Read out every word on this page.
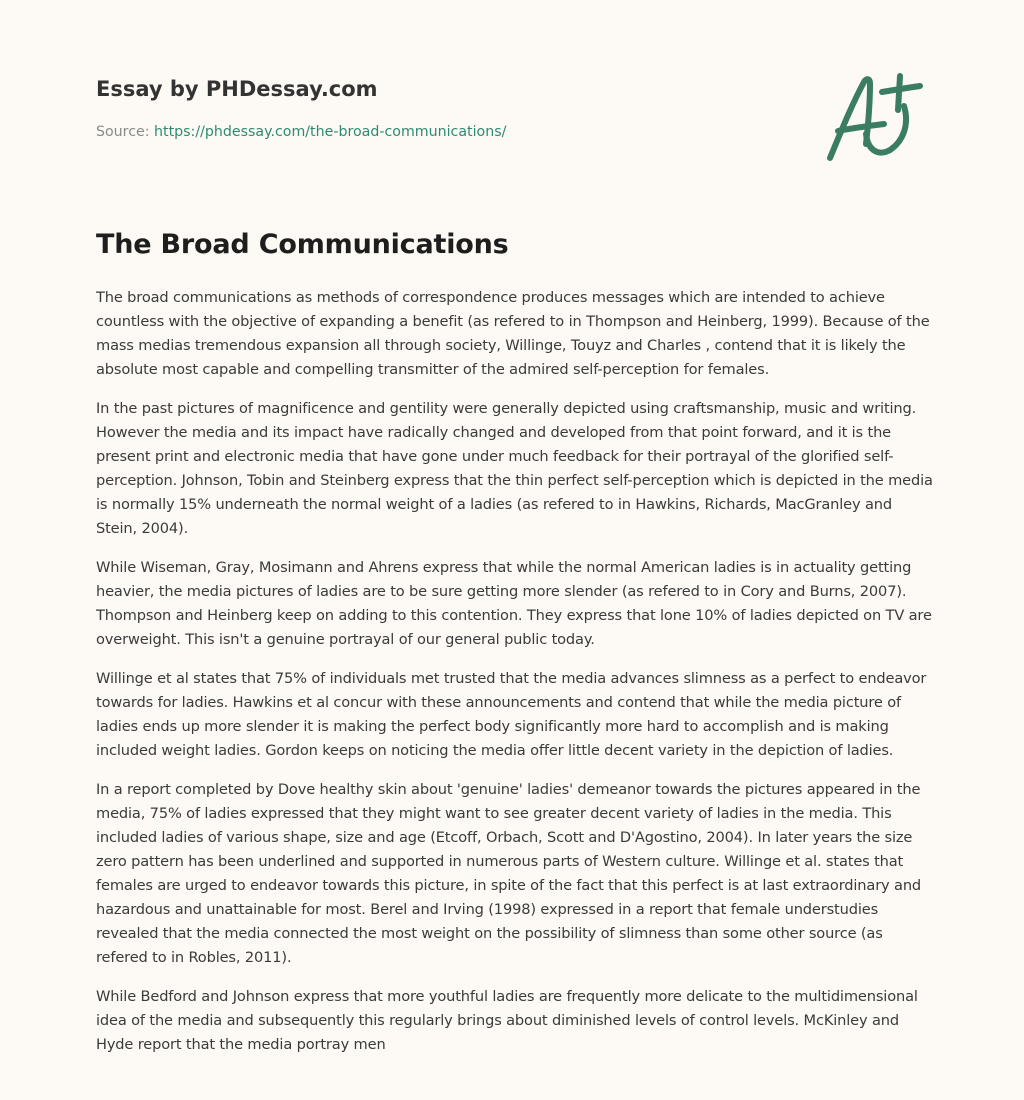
Essay by PHDessay.com
Source: https://phdessay.com/the-broad-communications/
The Broad Communications

The broad communications as methods of correspondence produces messages which are intended to achieve countless with the objective of expanding a benefit (as refered to in Thompson and Heinberg, 1999). Because of the mass medias tremendous expansion all through society, Willinge, Touyz and Charles , contend that it is likely the absolute most capable and compelling transmitter of the admired self-perception for females.

In the past pictures of magnificence and gentility were generally depicted using craftsmanship, music and writing. However the media and its impact have radically changed and developed from that point forward, and it is the present print and electronic media that have gone under much feedback for their portrayal of the glorified self-perception. Johnson, Tobin and Steinberg express that the thin perfect self-perception which is depicted in the media is normally 15% underneath the normal weight of a ladies (as refered to in Hawkins, Richards, MacGranley and Stein, 2004).

While Wiseman, Gray, Mosimann and Ahrens express that while the normal American ladies is in actuality getting heavier, the media pictures of ladies are to be sure getting more slender (as refered to in Cory and Burns, 2007). Thompson and Heinberg keep on adding to this contention. They express that lone 10% of ladies depicted on TV are overweight. This isn't a genuine portrayal of our general public today.

Willinge et al states that 75% of individuals met trusted that the media advances slimness as a perfect to endeavor towards for ladies. Hawkins et al concur with these announcements and contend that while the media picture of ladies ends up more slender it is making the perfect body significantly more hard to accomplish and is making included weight ladies. Gordon keeps on noticing the media offer little decent variety in the depiction of ladies.

In a report completed by Dove healthy skin about 'genuine' ladies' demeanor towards the pictures appeared in the media, 75% of ladies expressed that they might want to see greater decent variety of ladies in the media. This included ladies of various shape, size and age (Etcoff, Orbach, Scott and D'Agostino, 2004). In later years the size zero pattern has been underlined and supported in numerous parts of Western culture. Willinge et al. states that females are urged to endeavor towards this picture, in spite of the fact that this perfect is at last extraordinary and hazardous and unattainable for most. Berel and Irving (1998) expressed in a report that female understudies revealed that the media connected the most weight on the possibility of slimness than some other source (as refered to in Robles, 2011).

While Bedford and Johnson express that more youthful ladies are frequently more delicate to the multidimensional idea of the media and subsequently this regularly brings about diminished levels of control levels. McKinley and Hyde report that the media portray men
